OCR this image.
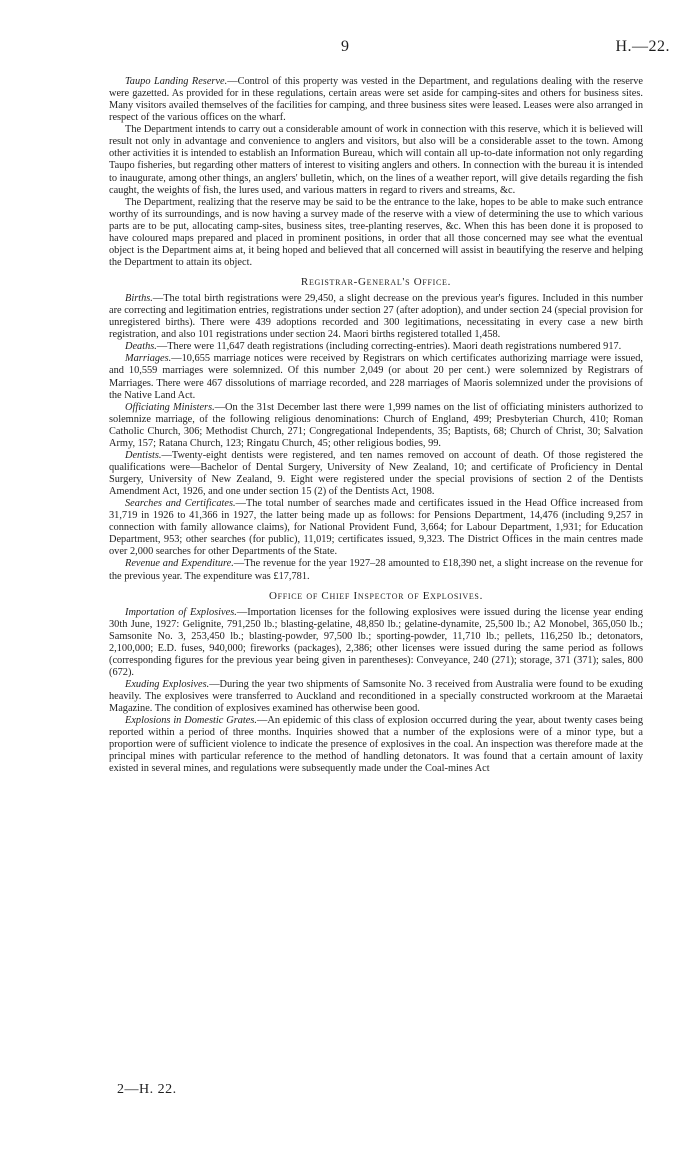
9	H.—22.

Taupo Landing Reserve.—Control of this property was vested in the Department, and regulations dealing with the reserve were gazetted. As provided for in these regulations, certain areas were set aside for camping-sites and others for business sites. Many visitors availed themselves of the facilities for camping, and three business sites were leased. Leases were also arranged in respect of the various offices on the wharf.

The Department intends to carry out a considerable amount of work in connection with this reserve, which it is believed will result not only in advantage and convenience to anglers and visitors, but also will be a considerable asset to the town. Among other activities it is intended to establish an Information Bureau, which will contain all up-to-date information not only regarding Taupo fisheries, but regarding other matters of interest to visiting anglers and others. In connection with the bureau it is intended to inaugurate, among other things, an anglers' bulletin, which, on the lines of a weather report, will give details regarding the fish caught, the weights of fish, the lures used, and various matters in regard to rivers and streams, &c.

The Department, realizing that the reserve may be said to be the entrance to the lake, hopes to be able to make such entrance worthy of its surroundings, and is now having a survey made of the reserve with a view of determining the use to which various parts are to be put, allocating camp-sites, business sites, tree-planting reserves, &c. When this has been done it is proposed to have coloured maps prepared and placed in prominent positions, in order that all those concerned may see what the eventual object is the Department aims at, it being hoped and believed that all concerned will assist in beautifying the reserve and helping the Department to attain its object.

Registrar-General's Office.

Births.—The total birth registrations were 29,450, a slight decrease on the previous year's figures. Included in this number are correcting and legitimation entries, registrations under section 27 (after adoption), and under section 24 (special provision for unregistered births). There were 439 adoptions recorded and 300 legitimations, necessitating in every case a new birth registration, and also 101 registrations under section 24. Maori births registered totalled 1,458.

Deaths.—There were 11,647 death registrations (including correcting-entries). Maori death registrations numbered 917.

Marriages.—10,655 marriage notices were received by Registrars on which certificates authorizing marriage were issued, and 10,559 marriages were solemnized. Of this number 2,049 (or about 20 per cent.) were solemnized by Registrars of Marriages. There were 467 dissolutions of marriage recorded, and 228 marriages of Maoris solemnized under the provisions of the Native Land Act.

Officiating Ministers.—On the 31st December last there were 1,999 names on the list of officiating ministers authorized to solemnize marriage, of the following religious denominations: Church of England, 499; Presbyterian Church, 410; Roman Catholic Church, 306; Methodist Church, 271; Congregational Independents, 35; Baptists, 68; Church of Christ, 30; Salvation Army, 157; Ratana Church, 123; Ringatu Church, 45; other religious bodies, 99.

Dentists.—Twenty-eight dentists were registered, and ten names removed on account of death. Of those registered the qualifications were—Bachelor of Dental Surgery, University of New Zealand, 10; and certificate of Proficiency in Dental Surgery, University of New Zealand, 9. Eight were registered under the special provisions of section 2 of the Dentists Amendment Act, 1926, and one under section 15 (2) of the Dentists Act, 1908.

Searches and Certificates.—The total number of searches made and certificates issued in the Head Office increased from 31,719 in 1926 to 41,366 in 1927, the latter being made up as follows: for Pensions Department, 14,476 (including 9,257 in connection with family allowance claims), for National Provident Fund, 3,664; for Labour Department, 1,931; for Education Department, 953; other searches (for public), 11,019; certificates issued, 9,323. The District Offices in the main centres made over 2,000 searches for other Departments of the State.

Revenue and Expenditure.—The revenue for the year 1927–28 amounted to £18,390 net, a slight increase on the revenue for the previous year. The expenditure was £17,781.

Office of Chief Inspector of Explosives.

Importation of Explosives.—Importation licenses for the following explosives were issued during the license year ending 30th June, 1927: Gelignite, 791,250 lb.; blasting-gelatine, 48,850 lb.; gelatine-dynamite, 25,500 lb.; A2 Monobel, 365,050 lb.; Samsonite No. 3, 253,450 lb.; blasting-powder, 97,500 lb.; sporting-powder, 11,710 lb.; pellets, 116,250 lb.; detonators, 2,100,000; E.D. fuses, 940,000; fireworks (packages), 2,386; other licenses were issued during the same period as follows (corresponding figures for the previous year being given in parentheses): Conveyance, 240 (271); storage, 371 (371); sales, 800 (672).

Exuding Explosives.—During the year two shipments of Samsonite No. 3 received from Australia were found to be exuding heavily. The explosives were transferred to Auckland and reconditioned in a specially constructed workroom at the Maraetai Magazine. The condition of explosives examined has otherwise been good.

Explosions in Domestic Grates.—An epidemic of this class of explosion occurred during the year, about twenty cases being reported within a period of three months. Inquiries showed that a number of the explosions were of a minor type, but a proportion were of sufficient violence to indicate the presence of explosives in the coal. An inspection was therefore made at the principal mines with particular reference to the method of handling detonators. It was found that a certain amount of laxity existed in several mines, and regulations were subsequently made under the Coal-mines Act

2—H. 22.
